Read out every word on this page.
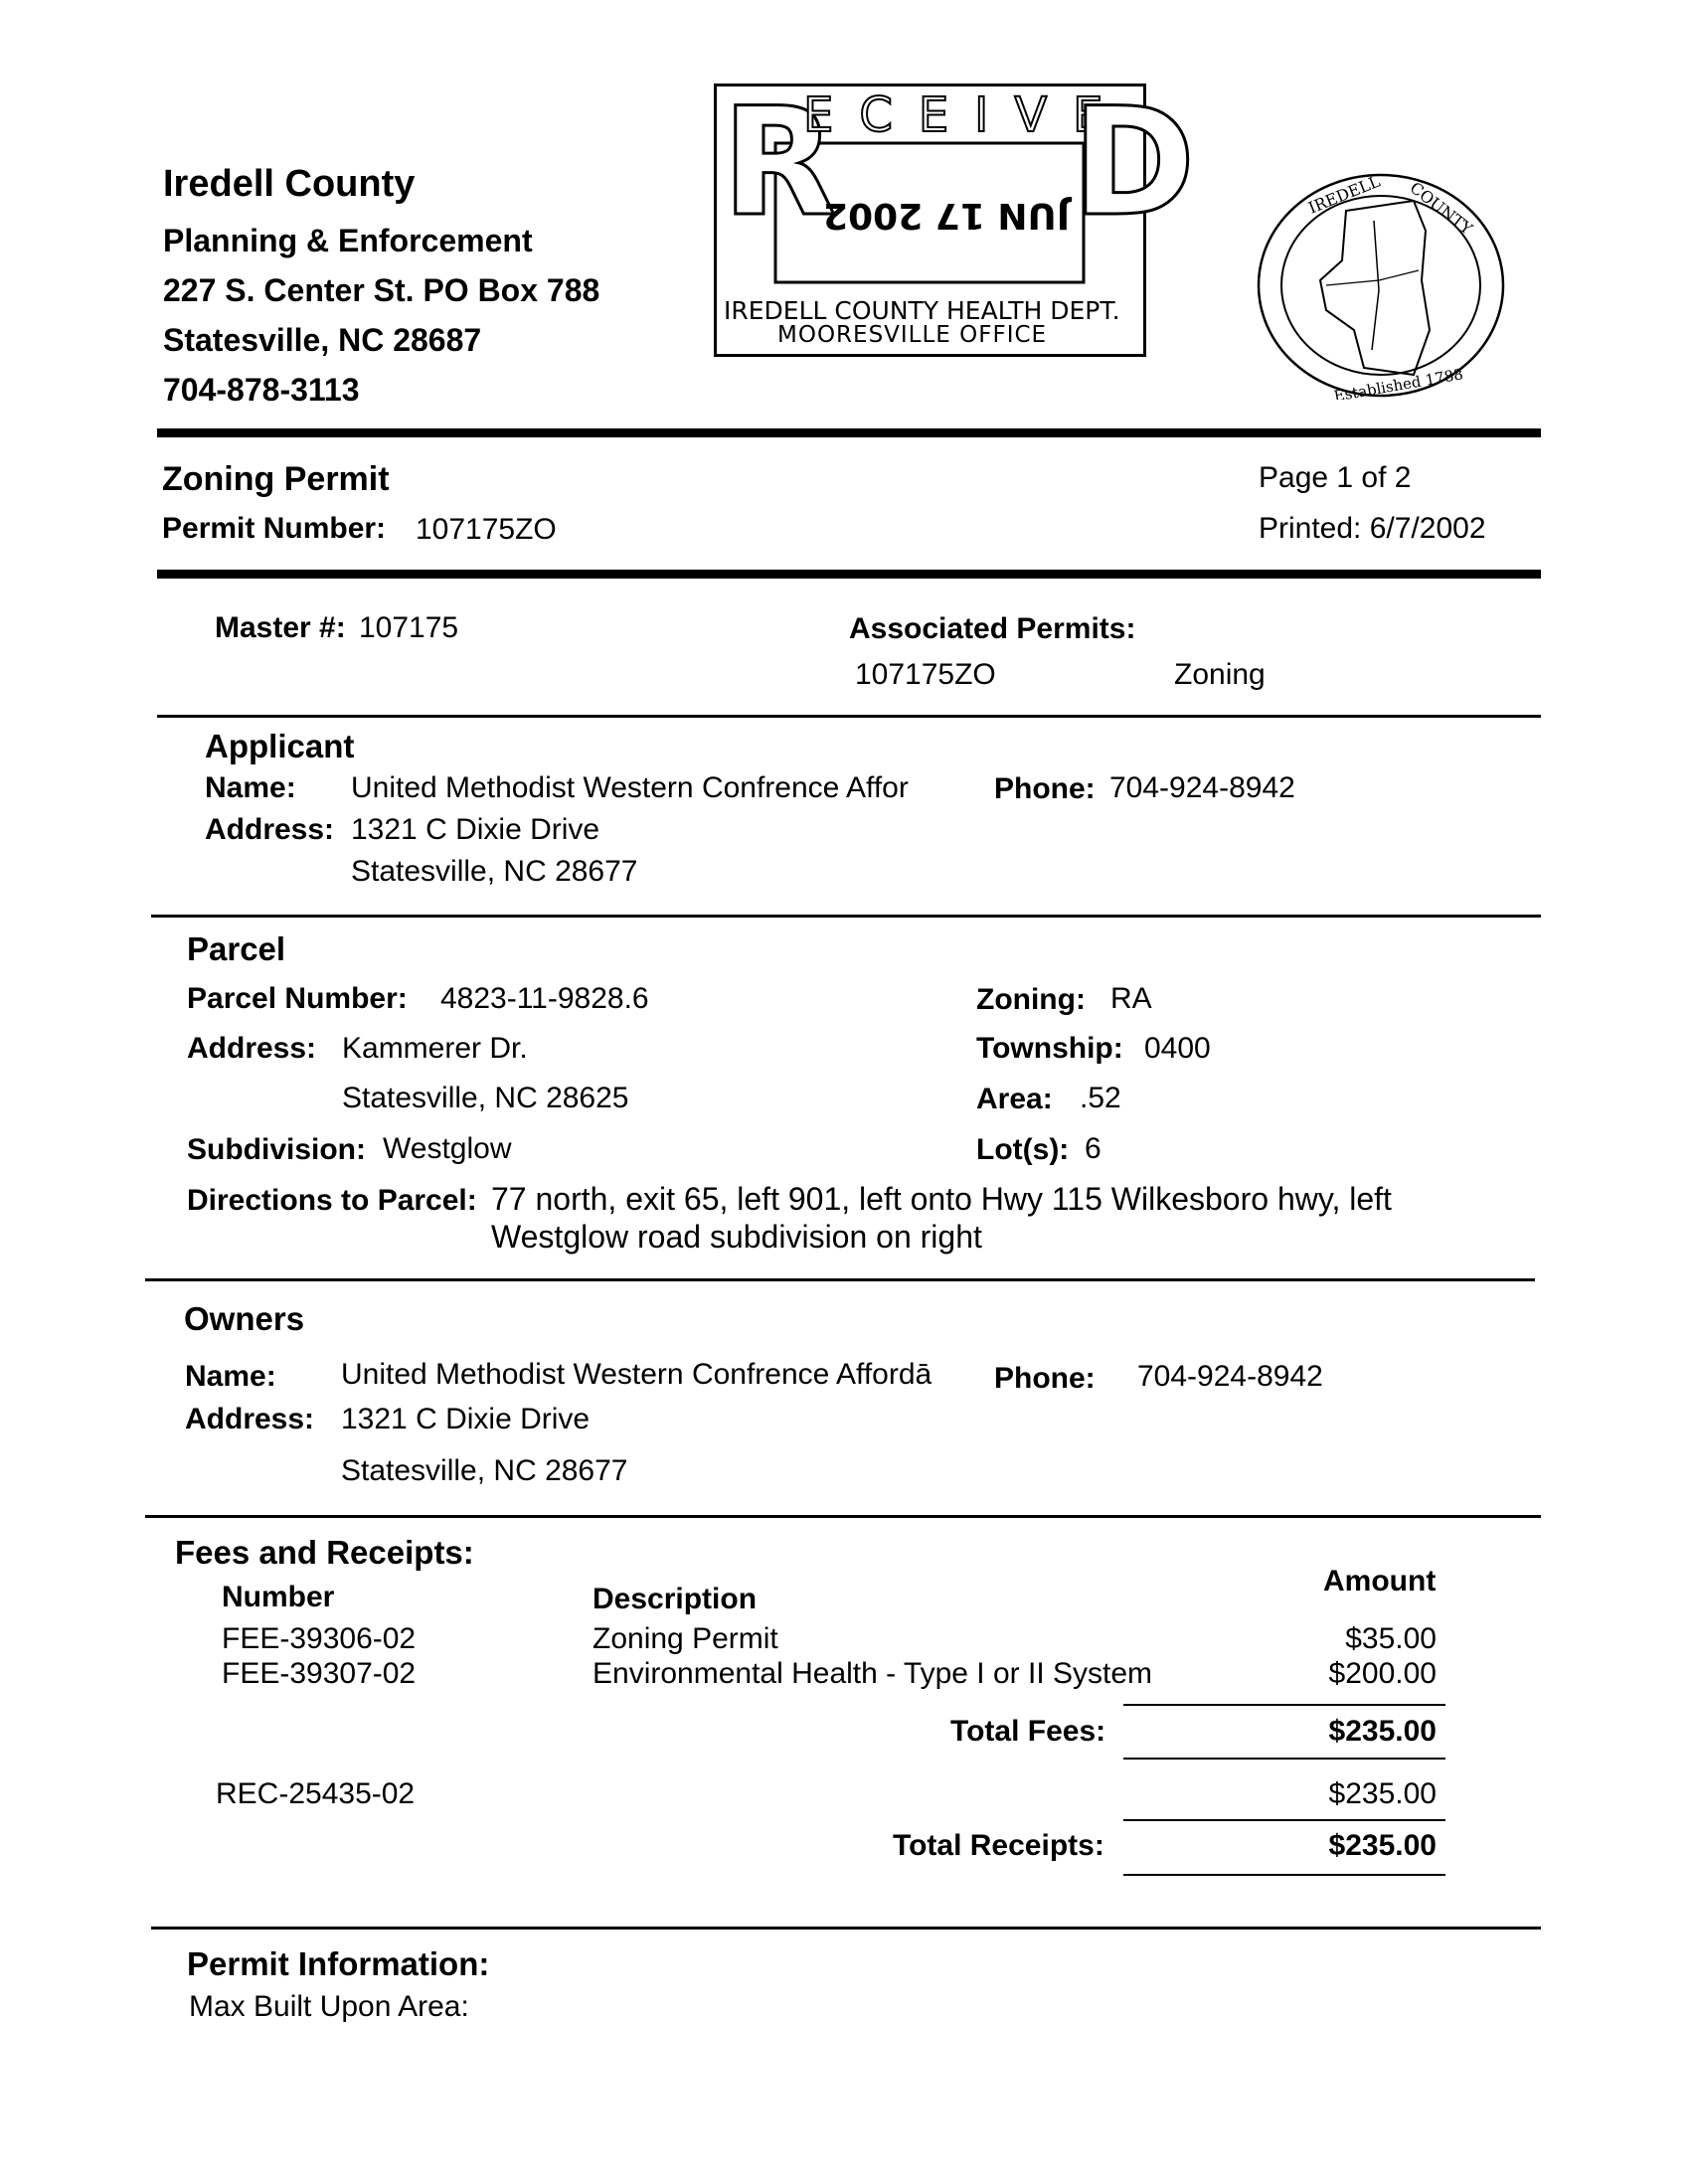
Iredell County
Planning & Enforcement
227 S. Center St. PO Box 788
Statesville, NC 28687
704-878-3113
R
ECEIVE
D
JUN 17 2002
IREDELL COUNTY HEALTH DEPT.
MOORESVILLE OFFICE
IREDELL COUNTY
Established 1788
Zoning Permit
Permit Number: 107175ZO
Page 1 of 2
Printed: 6/7/2002
Master #: 107175	Associated Permits:
107175ZO	Zoning
Applicant
Name: United Methodist Western Confrence Affor	Phone: 704-924-8942
Address: 1321 C Dixie Drive
Statesville, NC 28677
Parcel
Parcel Number: 4823-11-9828.6	Zoning: RA
Address: Kammerer Dr.	Township: 0400
Statesville, NC 28625	Area: .52
Subdivision: Westglow	Lot(s): 6
Directions to Parcel: 77 north, exit 65, left 901, left onto Hwy 115 Wilkesboro hwy, left
Westglow road subdivision on right
Owners
Name: United Methodist Western Confrence Affordā Phone: 704-924-8942
Address: 1321 C Dixie Drive
Statesville, NC 28677
Fees and Receipts:
Number	Description
Amount
FEE-39306-02	Zoning Permit	$35.00
FEE-39307-02	Environmental Health - Type I or II System	$200.00
Total Fees:	$235.00
REC-25435-02	$235.00
Total Receipts:	$235.00
Permit Information:
Max Built Upon Area:
